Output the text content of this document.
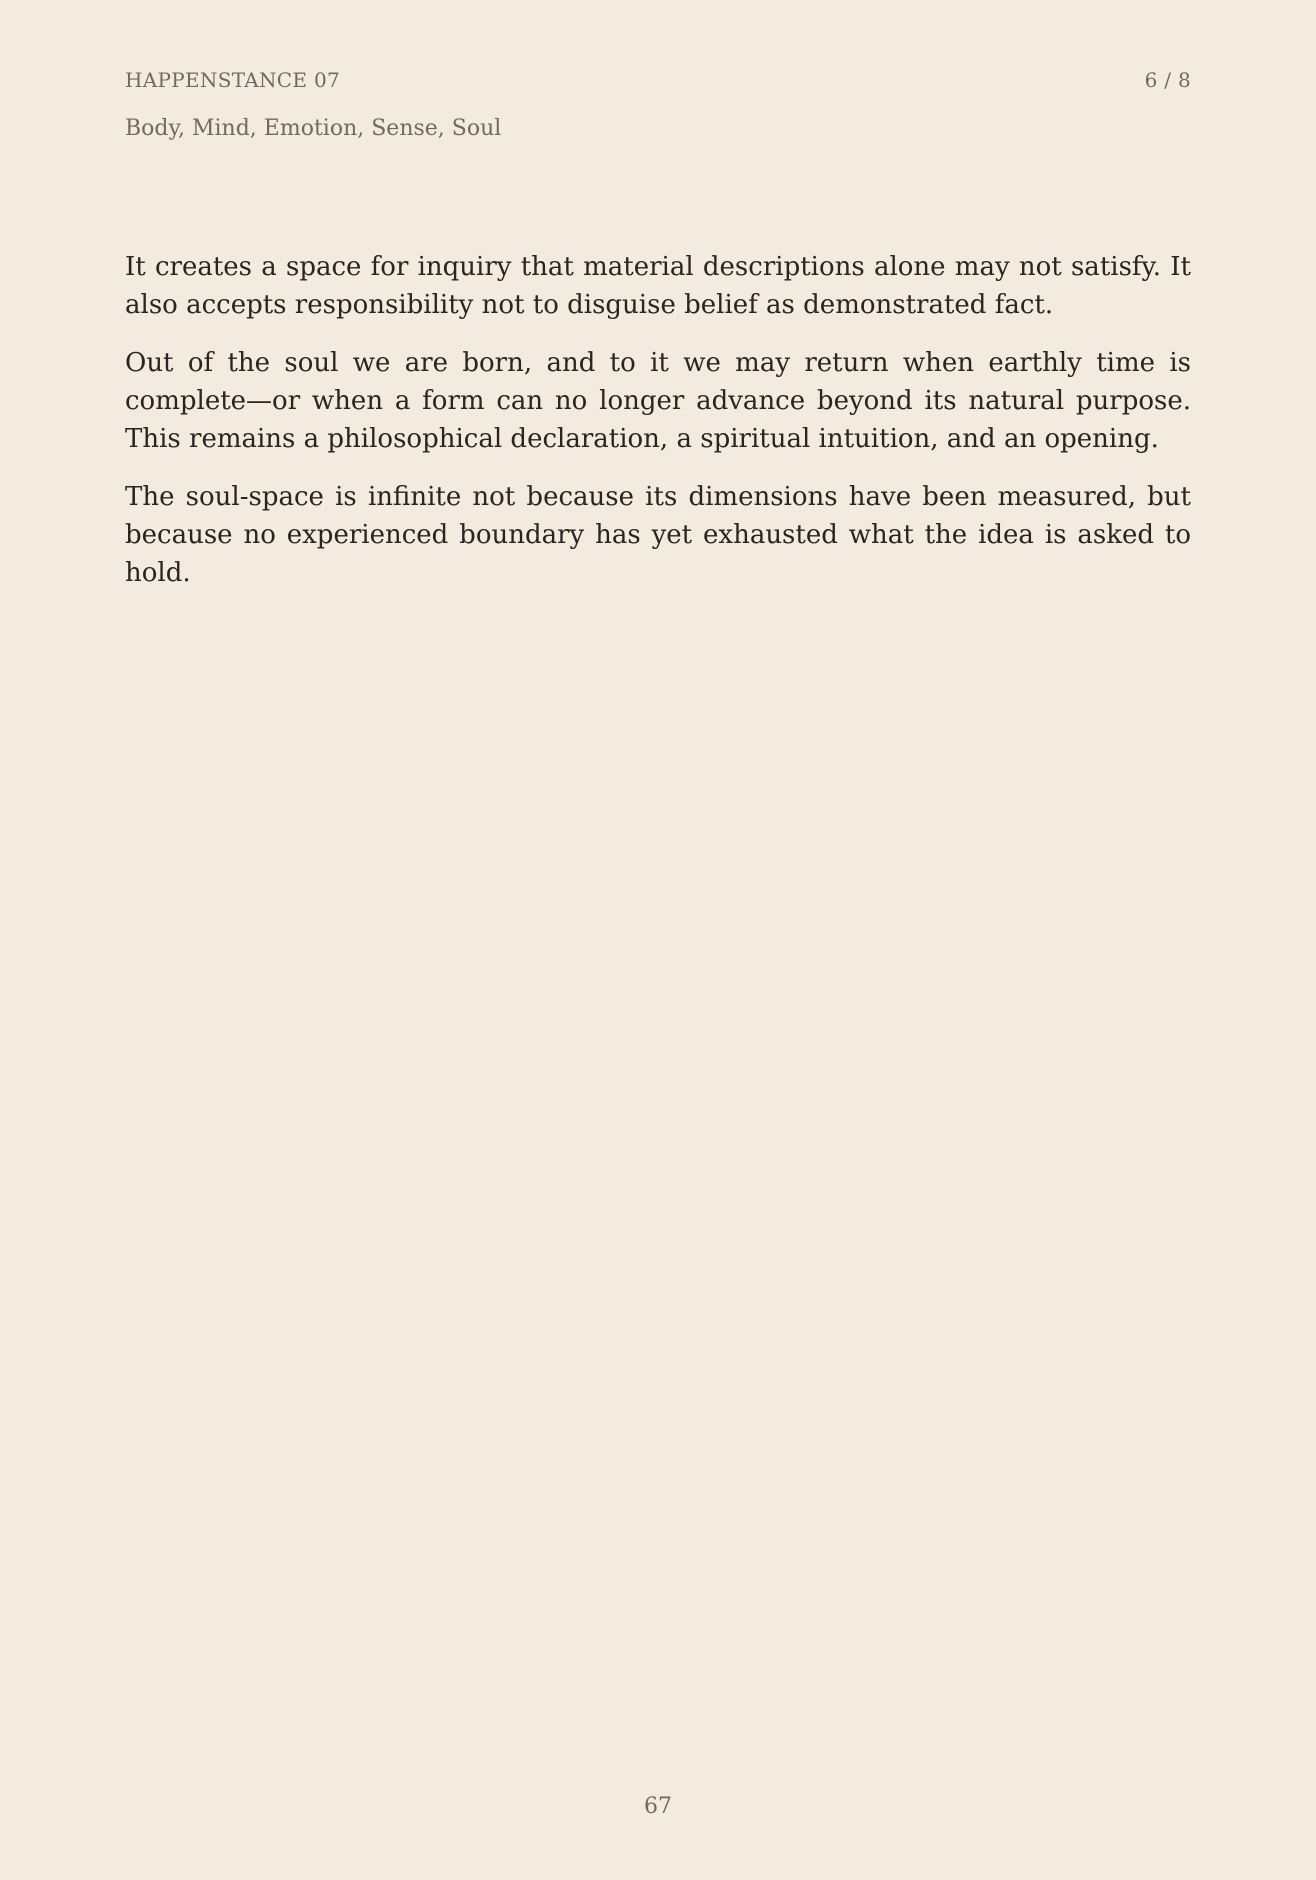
HAPPENSTANCE 07	6 / 8
Body, Mind, Emotion, Sense, Soul

It creates a space for inquiry that material descriptions alone may not satisfy. It also accepts responsibility not to disguise belief as demonstrated fact.

Out of the soul we are born, and to it we may return when earthly time is complete—or when a form can no longer advance beyond its natural purpose. This remains a philosophical declaration, a spiritual intuition, and an opening.

The soul-space is infinite not because its dimensions have been measured, but because no experienced boundary has yet exhausted what the idea is asked to hold.

67
